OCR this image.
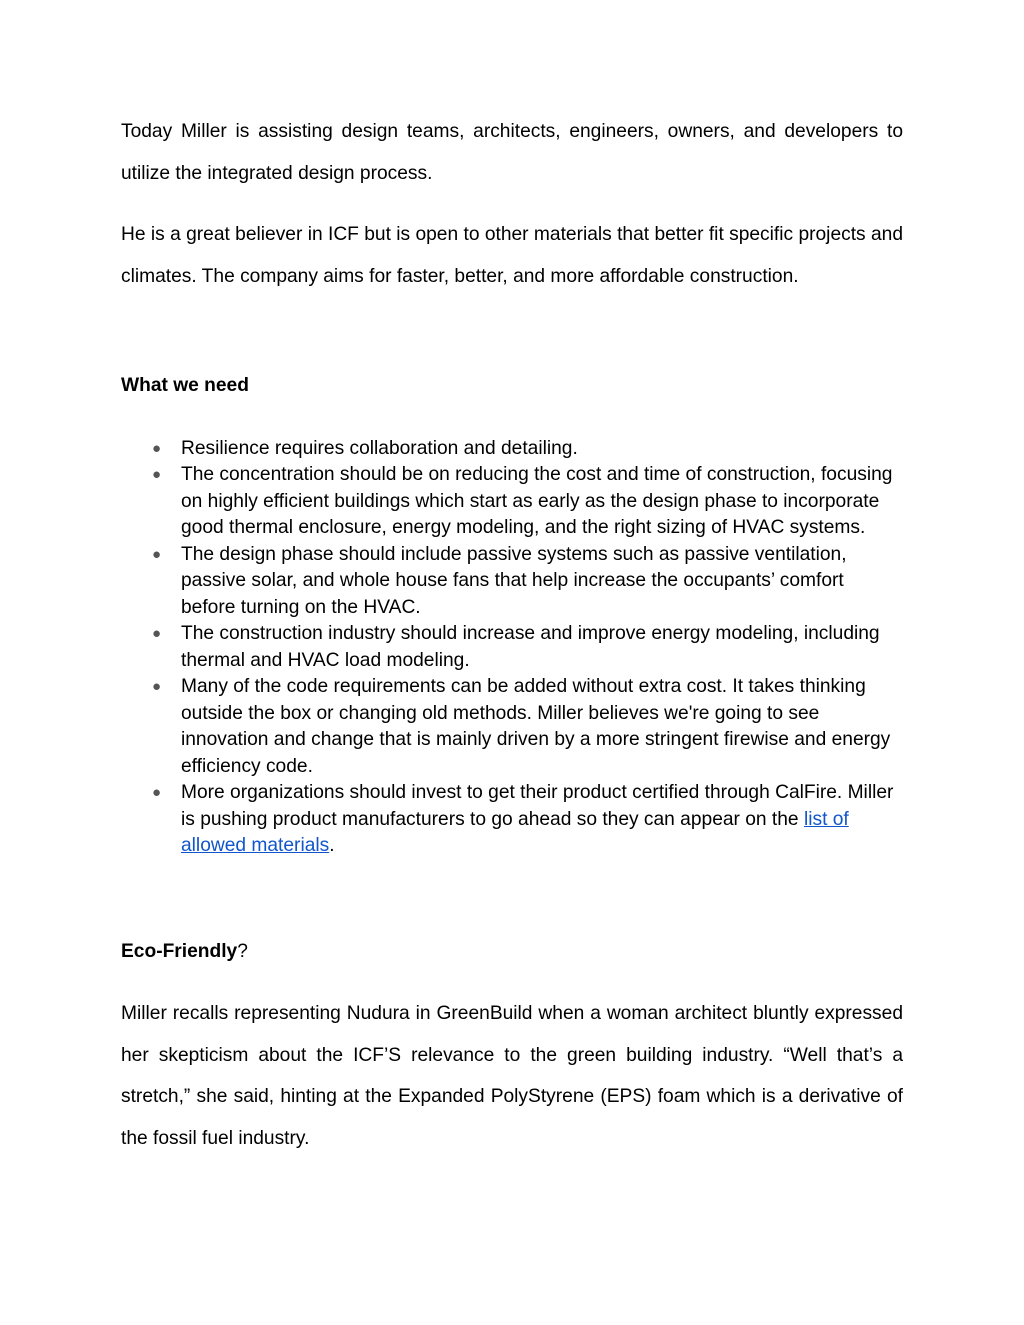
Today Miller is assisting design teams, architects, engineers, owners, and developers to utilize the integrated design process.

He is a great believer in ICF but is open to other materials that better fit specific projects and climates. The company aims for faster, better, and more affordable construction.

What we need
● Resilience requires collaboration and detailing.
● The concentration should be on reducing the cost and time of construction, focusing on highly efficient buildings which start as early as the design phase to incorporate good thermal enclosure, energy modeling, and the right sizing of HVAC systems.
● The design phase should include passive systems such as passive ventilation, passive solar, and whole house fans that help increase the occupants’ comfort before turning on the HVAC.
● The construction industry should increase and improve energy modeling, including thermal and HVAC load modeling.
● Many of the code requirements can be added without extra cost. It takes thinking outside the box or changing old methods. Miller believes we're going to see innovation and change that is mainly driven by a more stringent firewise and energy efficiency code.
● More organizations should invest to get their product certified through CalFire. Miller is pushing product manufacturers to go ahead so they can appear on the list of allowed materials.

Eco-Friendly?

Miller recalls representing Nudura in GreenBuild when a woman architect bluntly expressed her skepticism about the ICF’S relevance to the green building industry. “Well that’s a stretch,” she said, hinting at the Expanded PolyStyrene (EPS) foam which is a derivative of the fossil fuel industry.
